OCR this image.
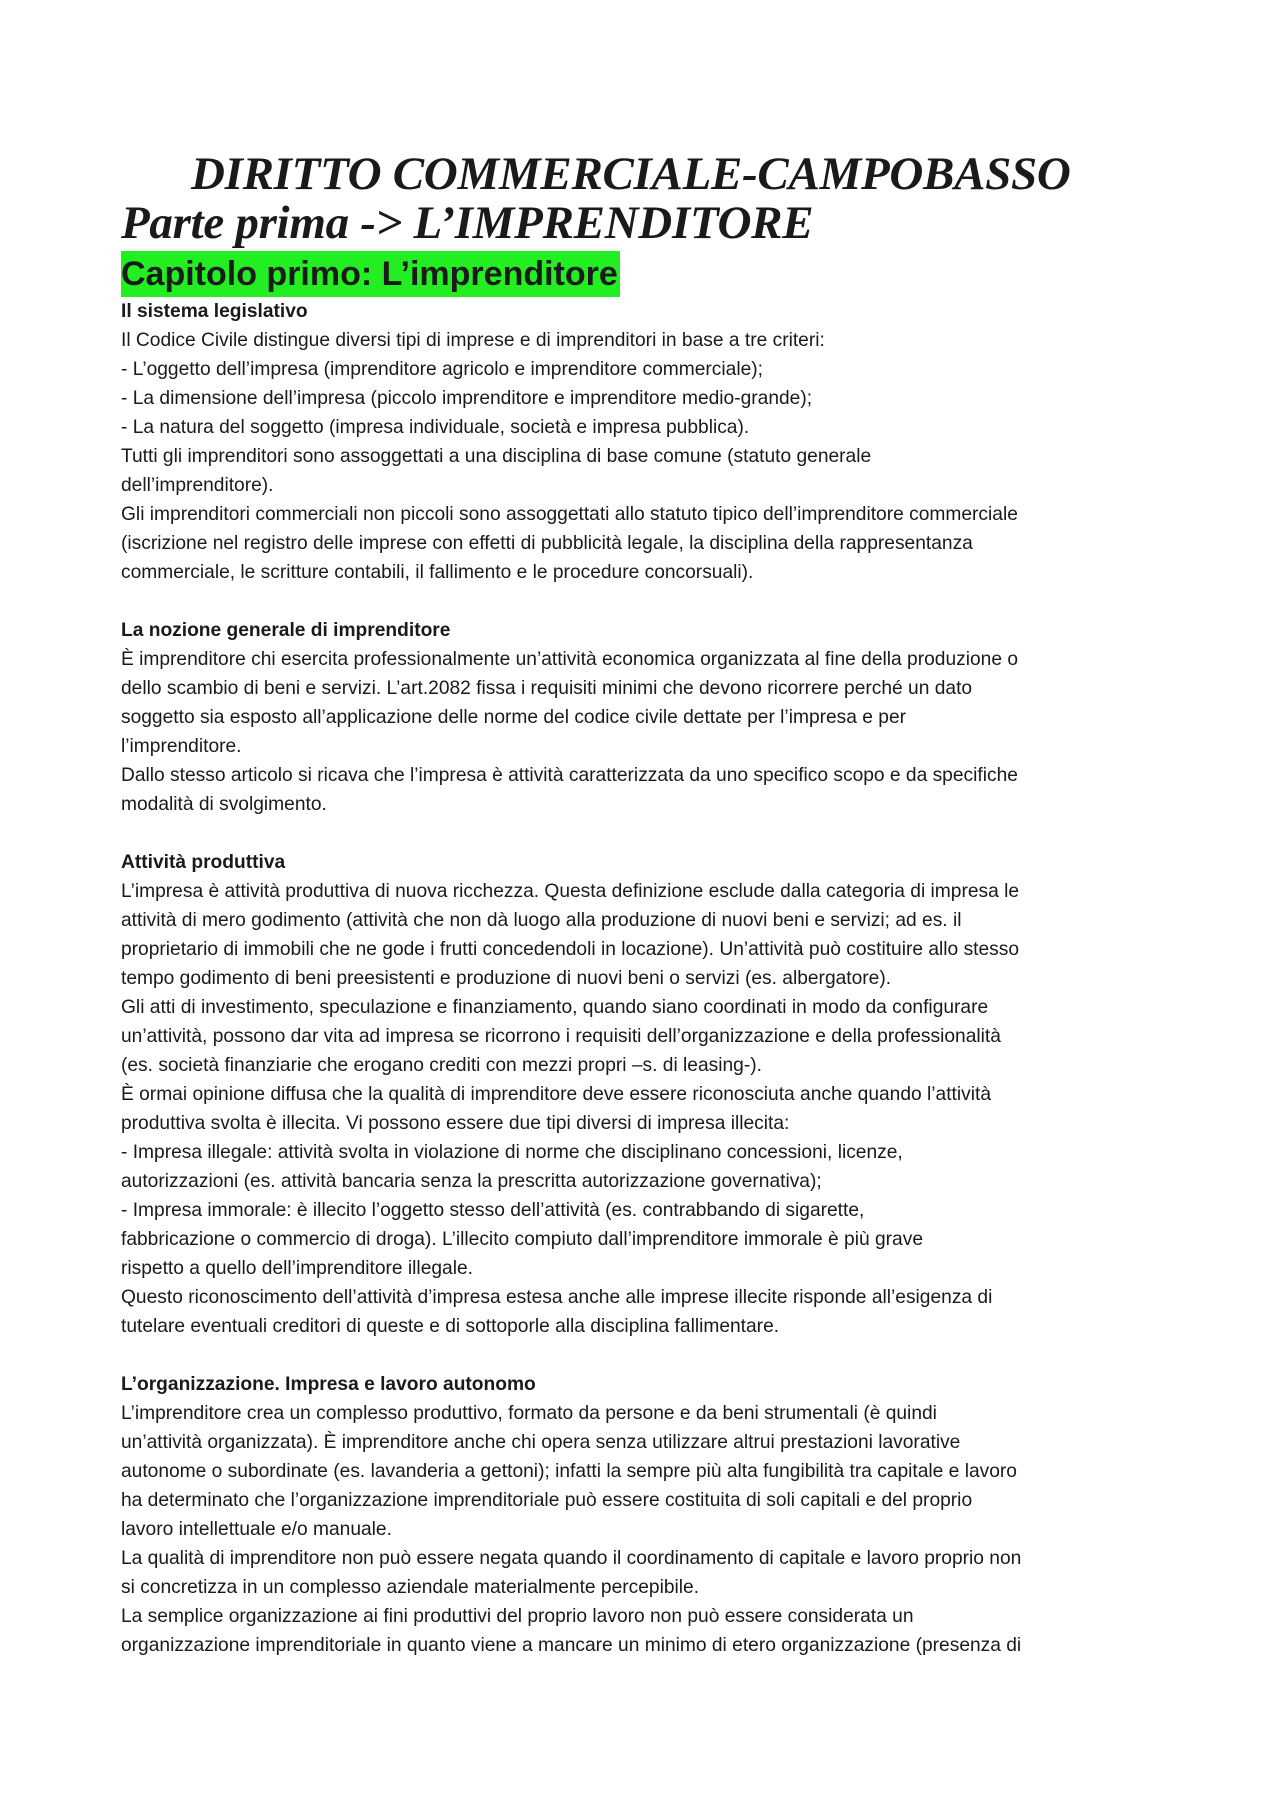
DIRITTO COMMERCIALE-CAMPOBASSO
Parte prima -> L’IMPRENDITORE
Capitolo primo: L’imprenditore
Il sistema legislativo

Il Codice Civile distingue diversi tipi di imprese e di imprenditori in base a tre criteri:

- L’oggetto dell’impresa (imprenditore agricolo e imprenditore commerciale);

- La dimensione dell’impresa (piccolo imprenditore e imprenditore medio-grande);

- La natura del soggetto (impresa individuale, società e impresa pubblica).

Tutti gli imprenditori sono assoggettati a una disciplina di base comune (statuto generale

dell’imprenditore).

Gli imprenditori commerciali non piccoli sono assoggettati allo statuto tipico dell’imprenditore commerciale

(iscrizione nel registro delle imprese con effetti di pubblicità legale, la disciplina della rappresentanza

commerciale, le scritture contabili, il fallimento e le procedure concorsuali).

La nozione generale di imprenditore

È imprenditore chi esercita professionalmente un’attività economica organizzata al fine della produzione o

dello scambio di beni e servizi. L’art.2082 fissa i requisiti minimi che devono ricorrere perché un dato

soggetto sia esposto all’applicazione delle norme del codice civile dettate per l’impresa e per

l’imprenditore.

Dallo stesso articolo si ricava che l’impresa è attività caratterizzata da uno specifico scopo e da specifiche

modalità di svolgimento.

Attività produttiva

L’impresa è attività produttiva di nuova ricchezza. Questa definizione esclude dalla categoria di impresa le

attività di mero godimento (attività che non dà luogo alla produzione di nuovi beni e servizi; ad es. il

proprietario di immobili che ne gode i frutti concedendoli in locazione). Un’attività può costituire allo stesso

tempo godimento di beni preesistenti e produzione di nuovi beni o servizi (es. albergatore).

Gli atti di investimento, speculazione e finanziamento, quando siano coordinati in modo da configurare

un’attività, possono dar vita ad impresa se ricorrono i requisiti dell’organizzazione e della professionalità

(es. società finanziarie che erogano crediti con mezzi propri –s. di leasing-).

È ormai opinione diffusa che la qualità di imprenditore deve essere riconosciuta anche quando l’attività

produttiva svolta è illecita. Vi possono essere due tipi diversi di impresa illecita:

- Impresa illegale: attività svolta in violazione di norme che disciplinano concessioni, licenze,

autorizzazioni (es. attività bancaria senza la prescritta autorizzazione governativa);

- Impresa immorale: è illecito l’oggetto stesso dell’attività (es. contrabbando di sigarette,

fabbricazione o commercio di droga). L’illecito compiuto dall’imprenditore immorale è più grave

rispetto a quello dell’imprenditore illegale.

Questo riconoscimento dell’attività d’impresa estesa anche alle imprese illecite risponde all’esigenza di

tutelare eventuali creditori di queste e di sottoporle alla disciplina fallimentare.

L’organizzazione. Impresa e lavoro autonomo

L’imprenditore crea un complesso produttivo, formato da persone e da beni strumentali (è quindi

un’attività organizzata). È imprenditore anche chi opera senza utilizzare altrui prestazioni lavorative

autonome o subordinate (es. lavanderia a gettoni); infatti la sempre più alta fungibilità tra capitale e lavoro

ha determinato che l’organizzazione imprenditoriale può essere costituita di soli capitali e del proprio

lavoro intellettuale e/o manuale.

La qualità di imprenditore non può essere negata quando il coordinamento di capitale e lavoro proprio non

si concretizza in un complesso aziendale materialmente percepibile.

La semplice organizzazione ai fini produttivi del proprio lavoro non può essere considerata un

organizzazione imprenditoriale in quanto viene a mancare un minimo di etero organizzazione (presenza di
